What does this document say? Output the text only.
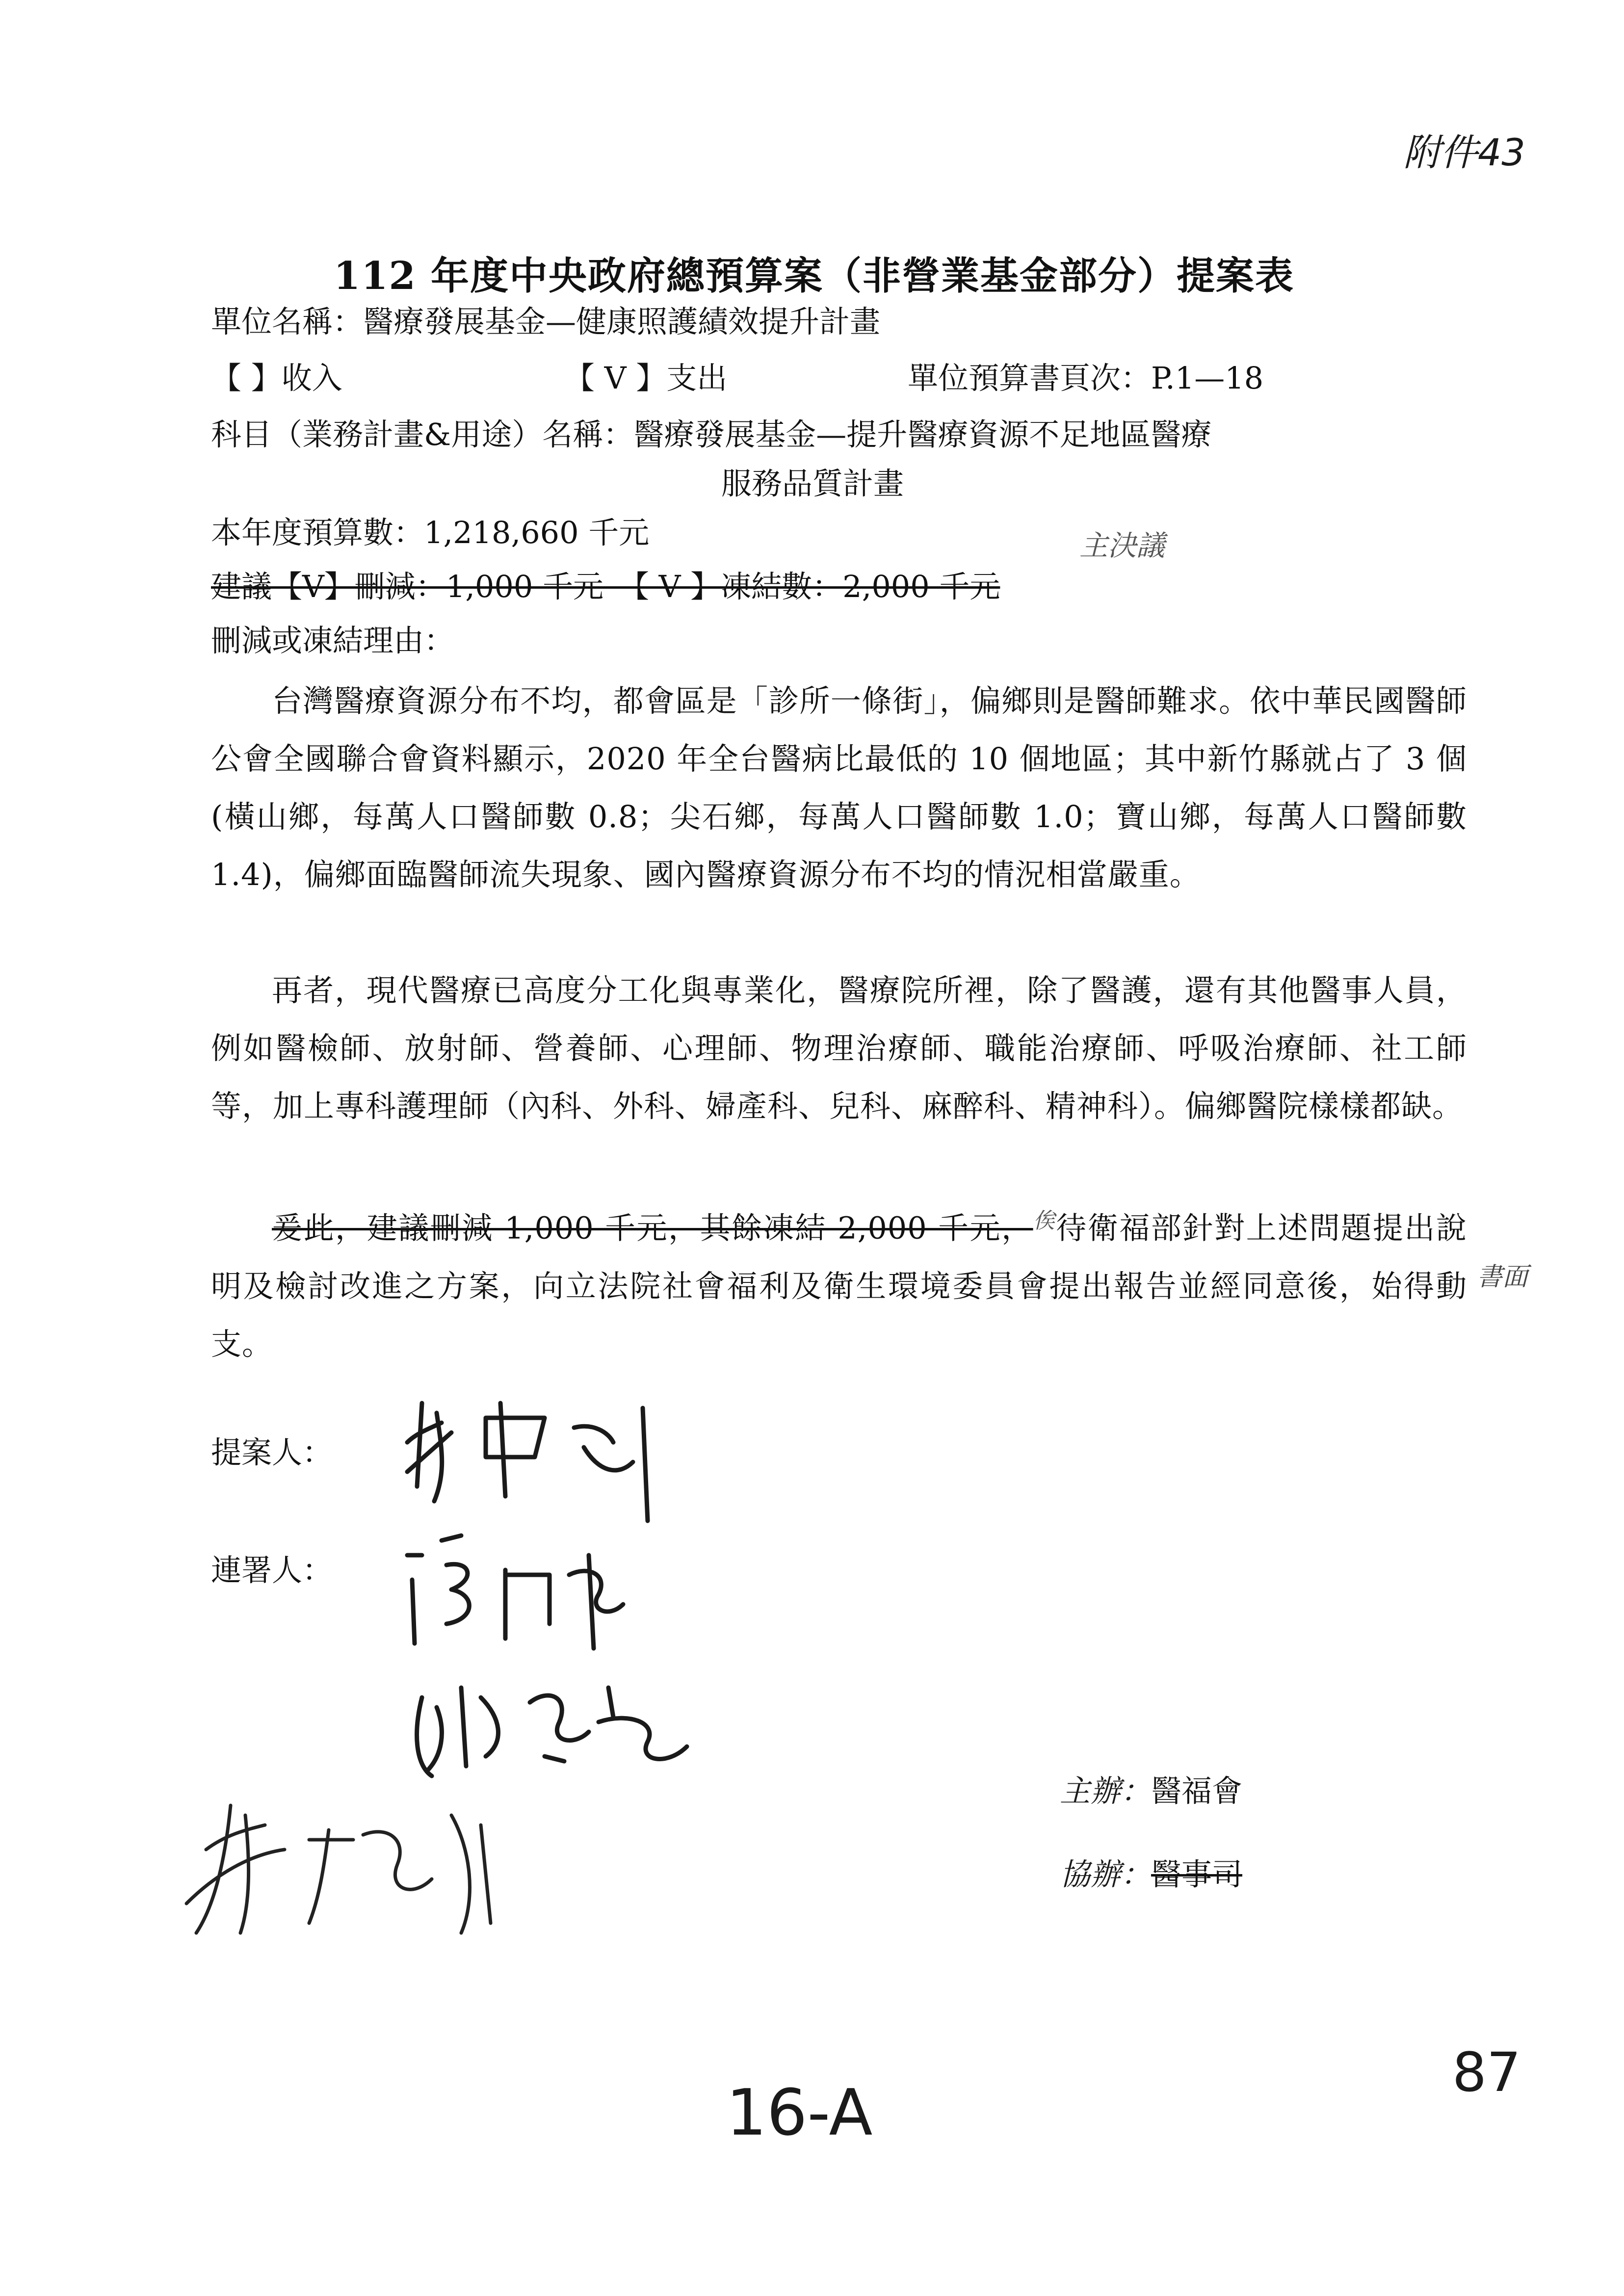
附件43
112 年度中央政府總預算案（非營業基金部分）提案表
單位名稱：醫療發展基金—健康照護績效提升計畫
【 】收入	【 V 】支出	單位預算書頁次：P.1—18
科目（業務計畫&用途）名稱：醫療發展基金—提升醫療資源不足地區醫療
服務品質計畫
本年度預算數：1,218,660 千元	主決議
建議【V】刪減：1,000 千元　【 V 】凍結數：2,000 千元
刪減或凍結理由：
台灣醫療資源分布不均，都會區是「診所一條街」，偏鄉則是醫師難求。依中華民國醫師公會全國聯合會資料顯示，2020 年全台醫病比最低的 10 個地區；其中新竹縣就占了 3 個(橫山鄉，每萬人口醫師數 0.8；尖石鄉，每萬人口醫師數 1.0；寶山鄉，每萬人口醫師數 1.4)，偏鄉面臨醫師流失現象、國內醫療資源分布不均的情況相當嚴重。
再者，現代醫療已高度分工化與專業化，醫療院所裡，除了醫護，還有其他醫事人員，例如醫檢師、放射師、營養師、心理師、物理治療師、職能治療師、呼吸治療師、社工師等，加上專科護理師（內科、外科、婦產科、兒科、麻醉科、精神科）。偏鄉醫院樣樣都缺。
爰此，建議刪減 1,000 千元，其餘凍結 2,000 千元，$^俟$待衛福部針對上述問題提出說明及檢討改進之方案，向立法院社會福利及衛生環境委員會提出報告並經同意後，始得動支。
書面
提案人：
連署人：
主辦：醫福會
協辦：醫事司
16-A
87
